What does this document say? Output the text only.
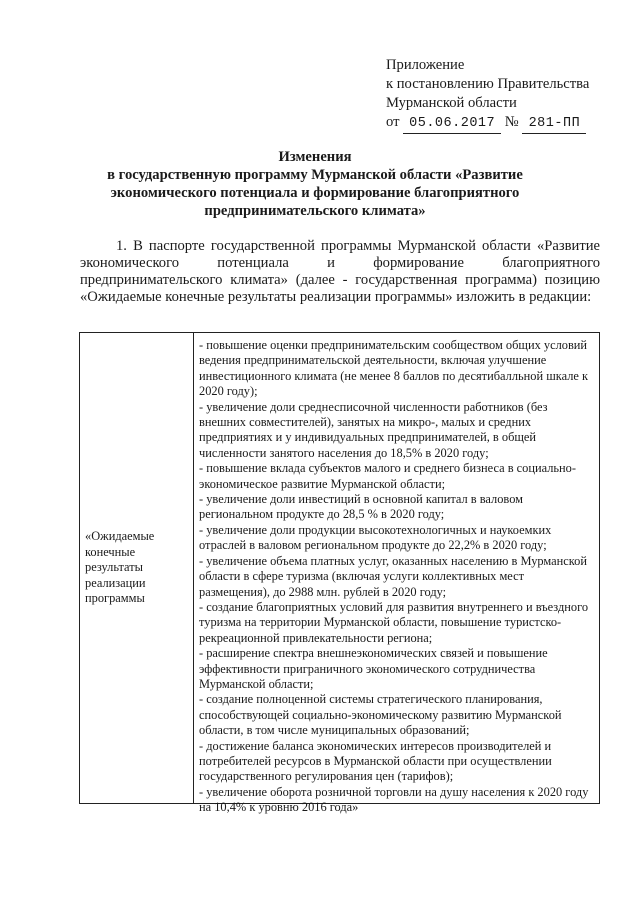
Приложение
к постановлению Правительства
Мурманской области
от 05.06.2017 № 281-ПП
Изменения
в государственную программу Мурманской области «Развитие экономического потенциала и формирование благоприятного предпринимательского климата»
1. В паспорте государственной программы Мурманской области «Развитие экономического потенциала и формирование благоприятного предпринимательского климата» (далее - государственная программа) позицию «Ожидаемые конечные результаты реализации программы» изложить в редакции:
«Ожидаемые
конечные
результаты
реализации
программы
- повышение оценки предпринимательским сообществом общих условий ведения предпринимательской деятельности, включая улучшение инвестиционного климата (не менее 8 баллов по десятибалльной шкале к 2020 году);
- увеличение доли среднесписочной численности работников (без внешних совместителей), занятых на микро-, малых и средних предприятиях и у индивидуальных предпринимателей, в общей численности занятого населения до 18,5% в 2020 году;
- повышение вклада субъектов малого и среднего бизнеса в социально-экономическое развитие Мурманской области;
- увеличение доли инвестиций в основной капитал в валовом региональном продукте до 28,5 % в 2020 году;
- увеличение доли продукции высокотехнологичных и наукоемких отраслей в валовом региональном продукте до 22,2% в 2020 году;
- увеличение объема платных услуг, оказанных населению в Мурманской области в сфере туризма (включая услуги коллективных мест размещения), до 2988 млн. рублей в 2020 году;
- создание благоприятных условий для развития внутреннего и въездного туризма на территории Мурманской области, повышение туристско-рекреационной привлекательности региона;
- расширение спектра внешнеэкономических связей и повышение эффективности приграничного экономического сотрудничества Мурманской области;
- создание полноценной системы стратегического планирования, способствующей социально-экономическому развитию Мурманской области, в том числе муниципальных образований;
- достижение баланса экономических интересов производителей и потребителей ресурсов в Мурманской области при осуществлении государственного регулирования цен (тарифов);
- увеличение оборота розничной торговли на душу населения к 2020 году на 10,4% к уровню 2016 года»
